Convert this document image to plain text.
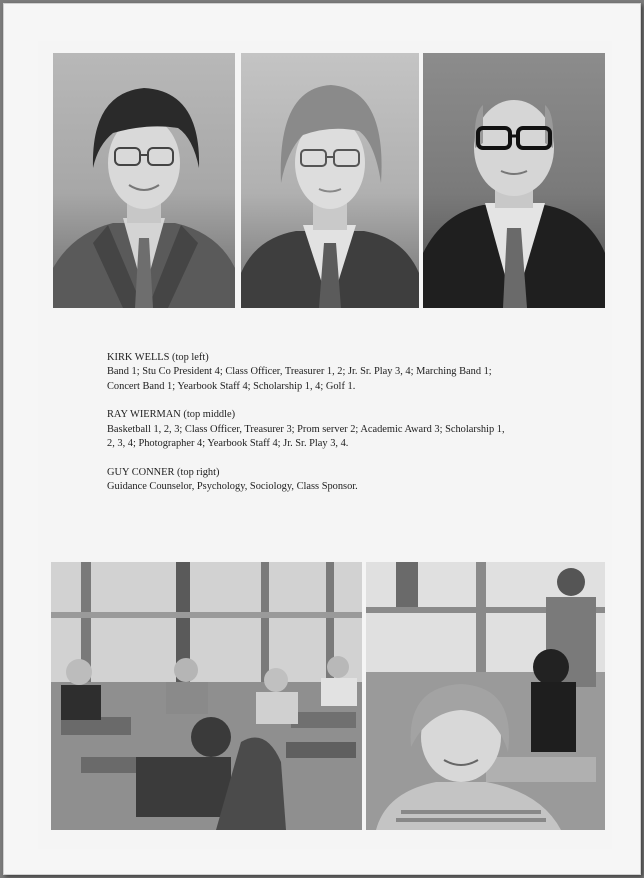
KIRK WELLS (top left)
Band 1; Stu Co President 4; Class Officer, Treasurer 1, 2; Jr. Sr. Play 3, 4; Marching Band 1; Concert Band 1; Yearbook Staff 4; Scholarship 1, 4; Golf 1.
RAY WIERMAN (top middle)
Basketball 1, 2, 3; Class Officer, Treasurer 3; Prom server 2; Academic Award 3; Scholarship 1, 2, 3, 4; Photographer 4; Yearbook Staff 4; Jr. Sr. Play 3, 4.
GUY CONNER (top right)
Guidance Counselor, Psychology, Sociology, Class Sponsor.
